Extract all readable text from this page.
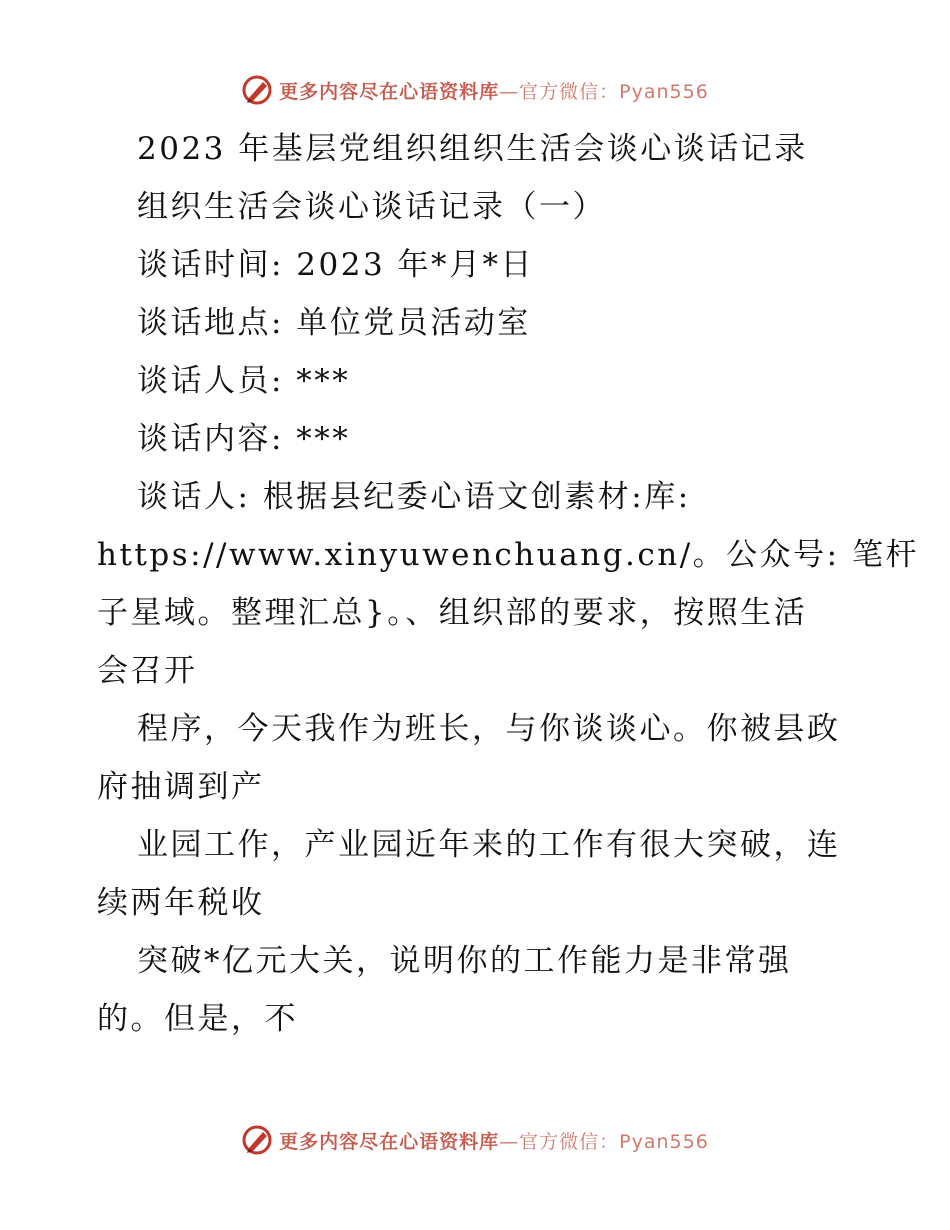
更多内容尽在心语资料库—官方微信：Pyan556

2023 年基层党组织组织生活会谈心谈话记录

组织生活会谈心谈话记录（一）

谈话时间: 2023 年*月*日

谈话地点: 单位党员活动室

谈话人员: ***

谈话内容: ***

谈话人: 根据县纪委心语文创素材:库:

https://www.xinyuwenchuang.cn/。公众号: 笔杆

子星域。整理汇总}。、组织部的要求，按照生活

会召开

程序，今天我作为班长，与你谈谈心。你被县政

府抽调到产

业园工作，产业园近年来的工作有很大突破，连

续两年税收

突破*亿元大关，说明你的工作能力是非常强

的。但是，不

更多内容尽在心语资料库—官方微信：Pyan556
